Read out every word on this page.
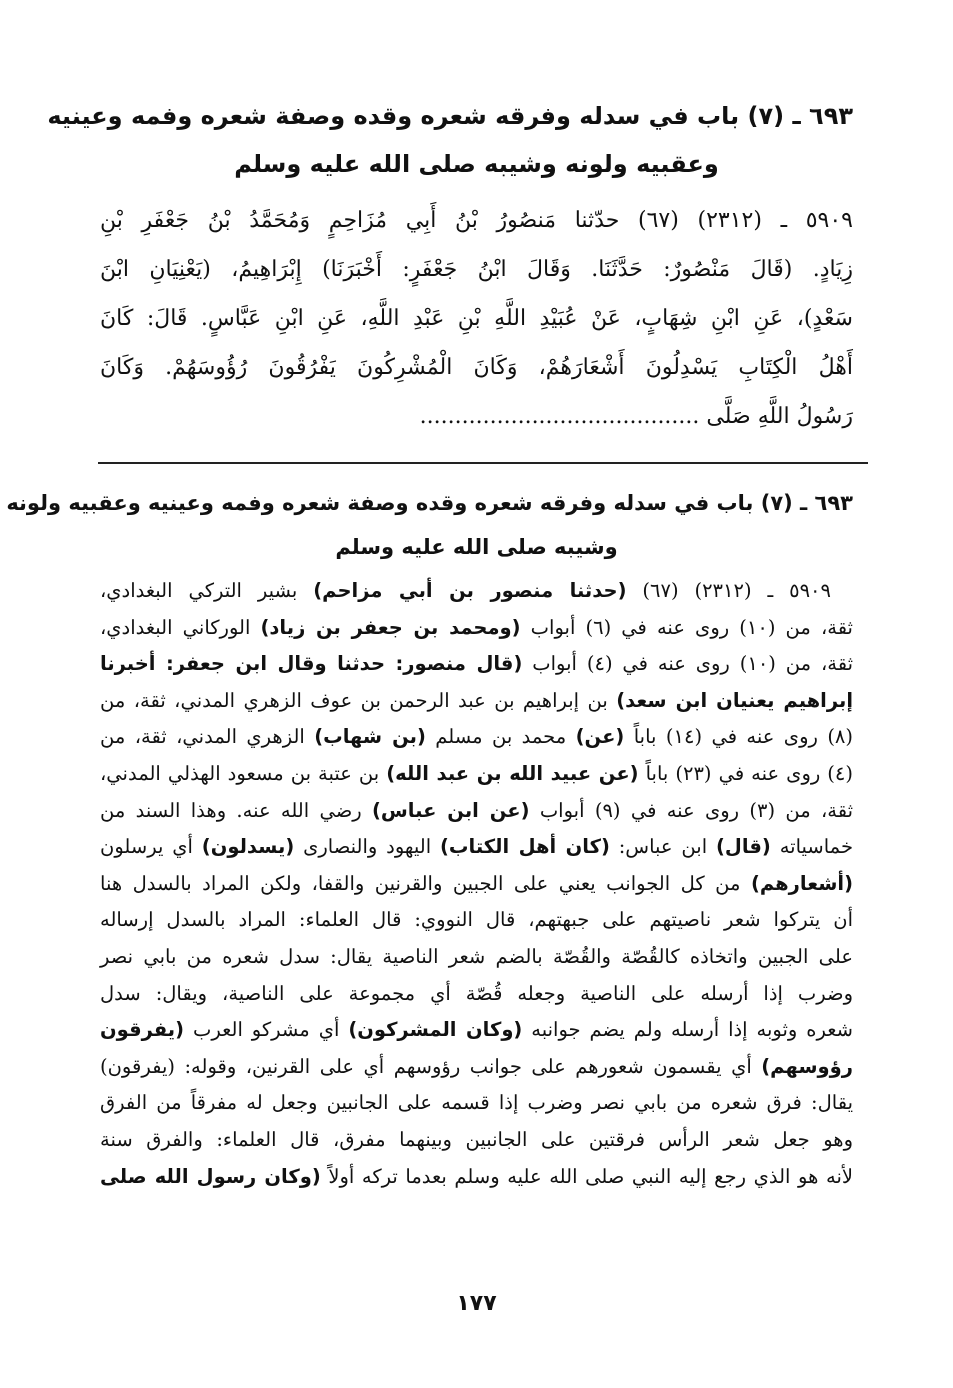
٦٩٣ ـ (٧) باب في سدله وفرقه شعره وقده وصفة شعره وفمه وعينيه
وعقبيه ولونه وشيبه صلى الله عليه وسلم
٥٩٠٩ ـ (٢٣١٢) (٦٧) حدّثنا مَنصُورُ بْنُ أَبِي مُزَاحِمٍ وَمُحَمَّدُ بْنُ جَعْفَرِ بْنِ
زِيَادٍ. (قَالَ مَنْصُورٌ: حَدَّثَنَا. وَقَالَ ابْنُ جَعْفَرٍ: أَخْبَرَنَا) إِبْرَاهِيمُ، (يَعْنِيَانِ ابْنَ
سَعْدٍ)، عَنِ ابْنِ شِهَابٍ، عَنْ عُبَيْدِ اللَّهِ بْنِ عَبْدِ اللَّهِ، عَنِ ابْنِ عَبَّاسٍ. قَالَ: كَانَ
أَهْلُ الْكِتَابِ يَسْدِلُونَ أَشْعَارَهُمْ، وَكَانَ الْمُشْرِكُونَ يَفْرُقُونَ رُؤُوسَهُمْ. وَكَانَ
رَسُولُ اللَّهِ صَلَّى ........................................
٦٩٣ ـ (٧) باب في سدله وفرقه شعره وقده وصفة شعره وفمه وعينيه وعقبيه ولونه
وشيبه صلى الله عليه وسلم
٥٩٠٩ ـ (٢٣١٢) (٦٧) (حدثنا منصور بن أبي مزاحم) بشير التركي البغدادي،
ثقة، من (١٠) روى عنه في (٦) أبواب (ومحمد بن جعفر بن زياد) الوركاني البغدادي،
ثقة، من (١٠) روى عنه في (٤) أبواب (قال منصور: حدثنا وقال ابن جعفر: أخبرنا
إبراهيم يعنيان ابن سعد) بن إبراهيم بن عبد الرحمن بن عوف الزهري المدني، ثقة، من
(٨) روى عنه في (١٤) باباً (عن) محمد بن مسلم (بن شهاب) الزهري المدني، ثقة، من
(٤) روى عنه في (٢٣) باباً (عن عبيد الله بن عبد الله) بن عتبة بن مسعود الهذلي المدني،
ثقة، من (٣) روى عنه في (٩) أبواب (عن ابن عباس) رضي الله عنه. وهذا السند من
خماسياته (قال) ابن عباس: (كان أهل الكتاب) اليهود والنصارى (يسدلون) أي يرسلون
(أشعارهم) من كل الجوانب يعني على الجبين والقرنين والقفا، ولكن المراد بالسدل هنا
أن يتركوا شعر ناصيتهم على جبهتهم، قال النووي: قال العلماء: المراد بالسدل إرساله
على الجبين واتخاذه كالقُصّة والقُصّة بالضم شعر الناصية يقال: سدل شعره من بابي نصر
وضرب إذا أرسله على الناصية وجعله قُصّة أي مجموعة على الناصية، ويقال: سدل
شعره وثوبه إذا أرسله ولم يضم جوانبه (وكان المشركون) أي مشركو العرب (يفرقون
رؤوسهم) أي يقسمون شعورهم على جوانب رؤوسهم أي على القرنين، وقوله: (يفرقون)
يقال: فرق شعره من بابي نصر وضرب إذا قسمه على الجانبين وجعل له مفرقاً من الفرق
وهو جعل شعر الرأس فرقتين على الجانبين وبينهما مفرق، قال العلماء: والفرق سنة
لأنه هو الذي رجع إليه النبي صلى الله عليه وسلم بعدما تركه أولاً (وكان رسول الله صلى
١٧٧
